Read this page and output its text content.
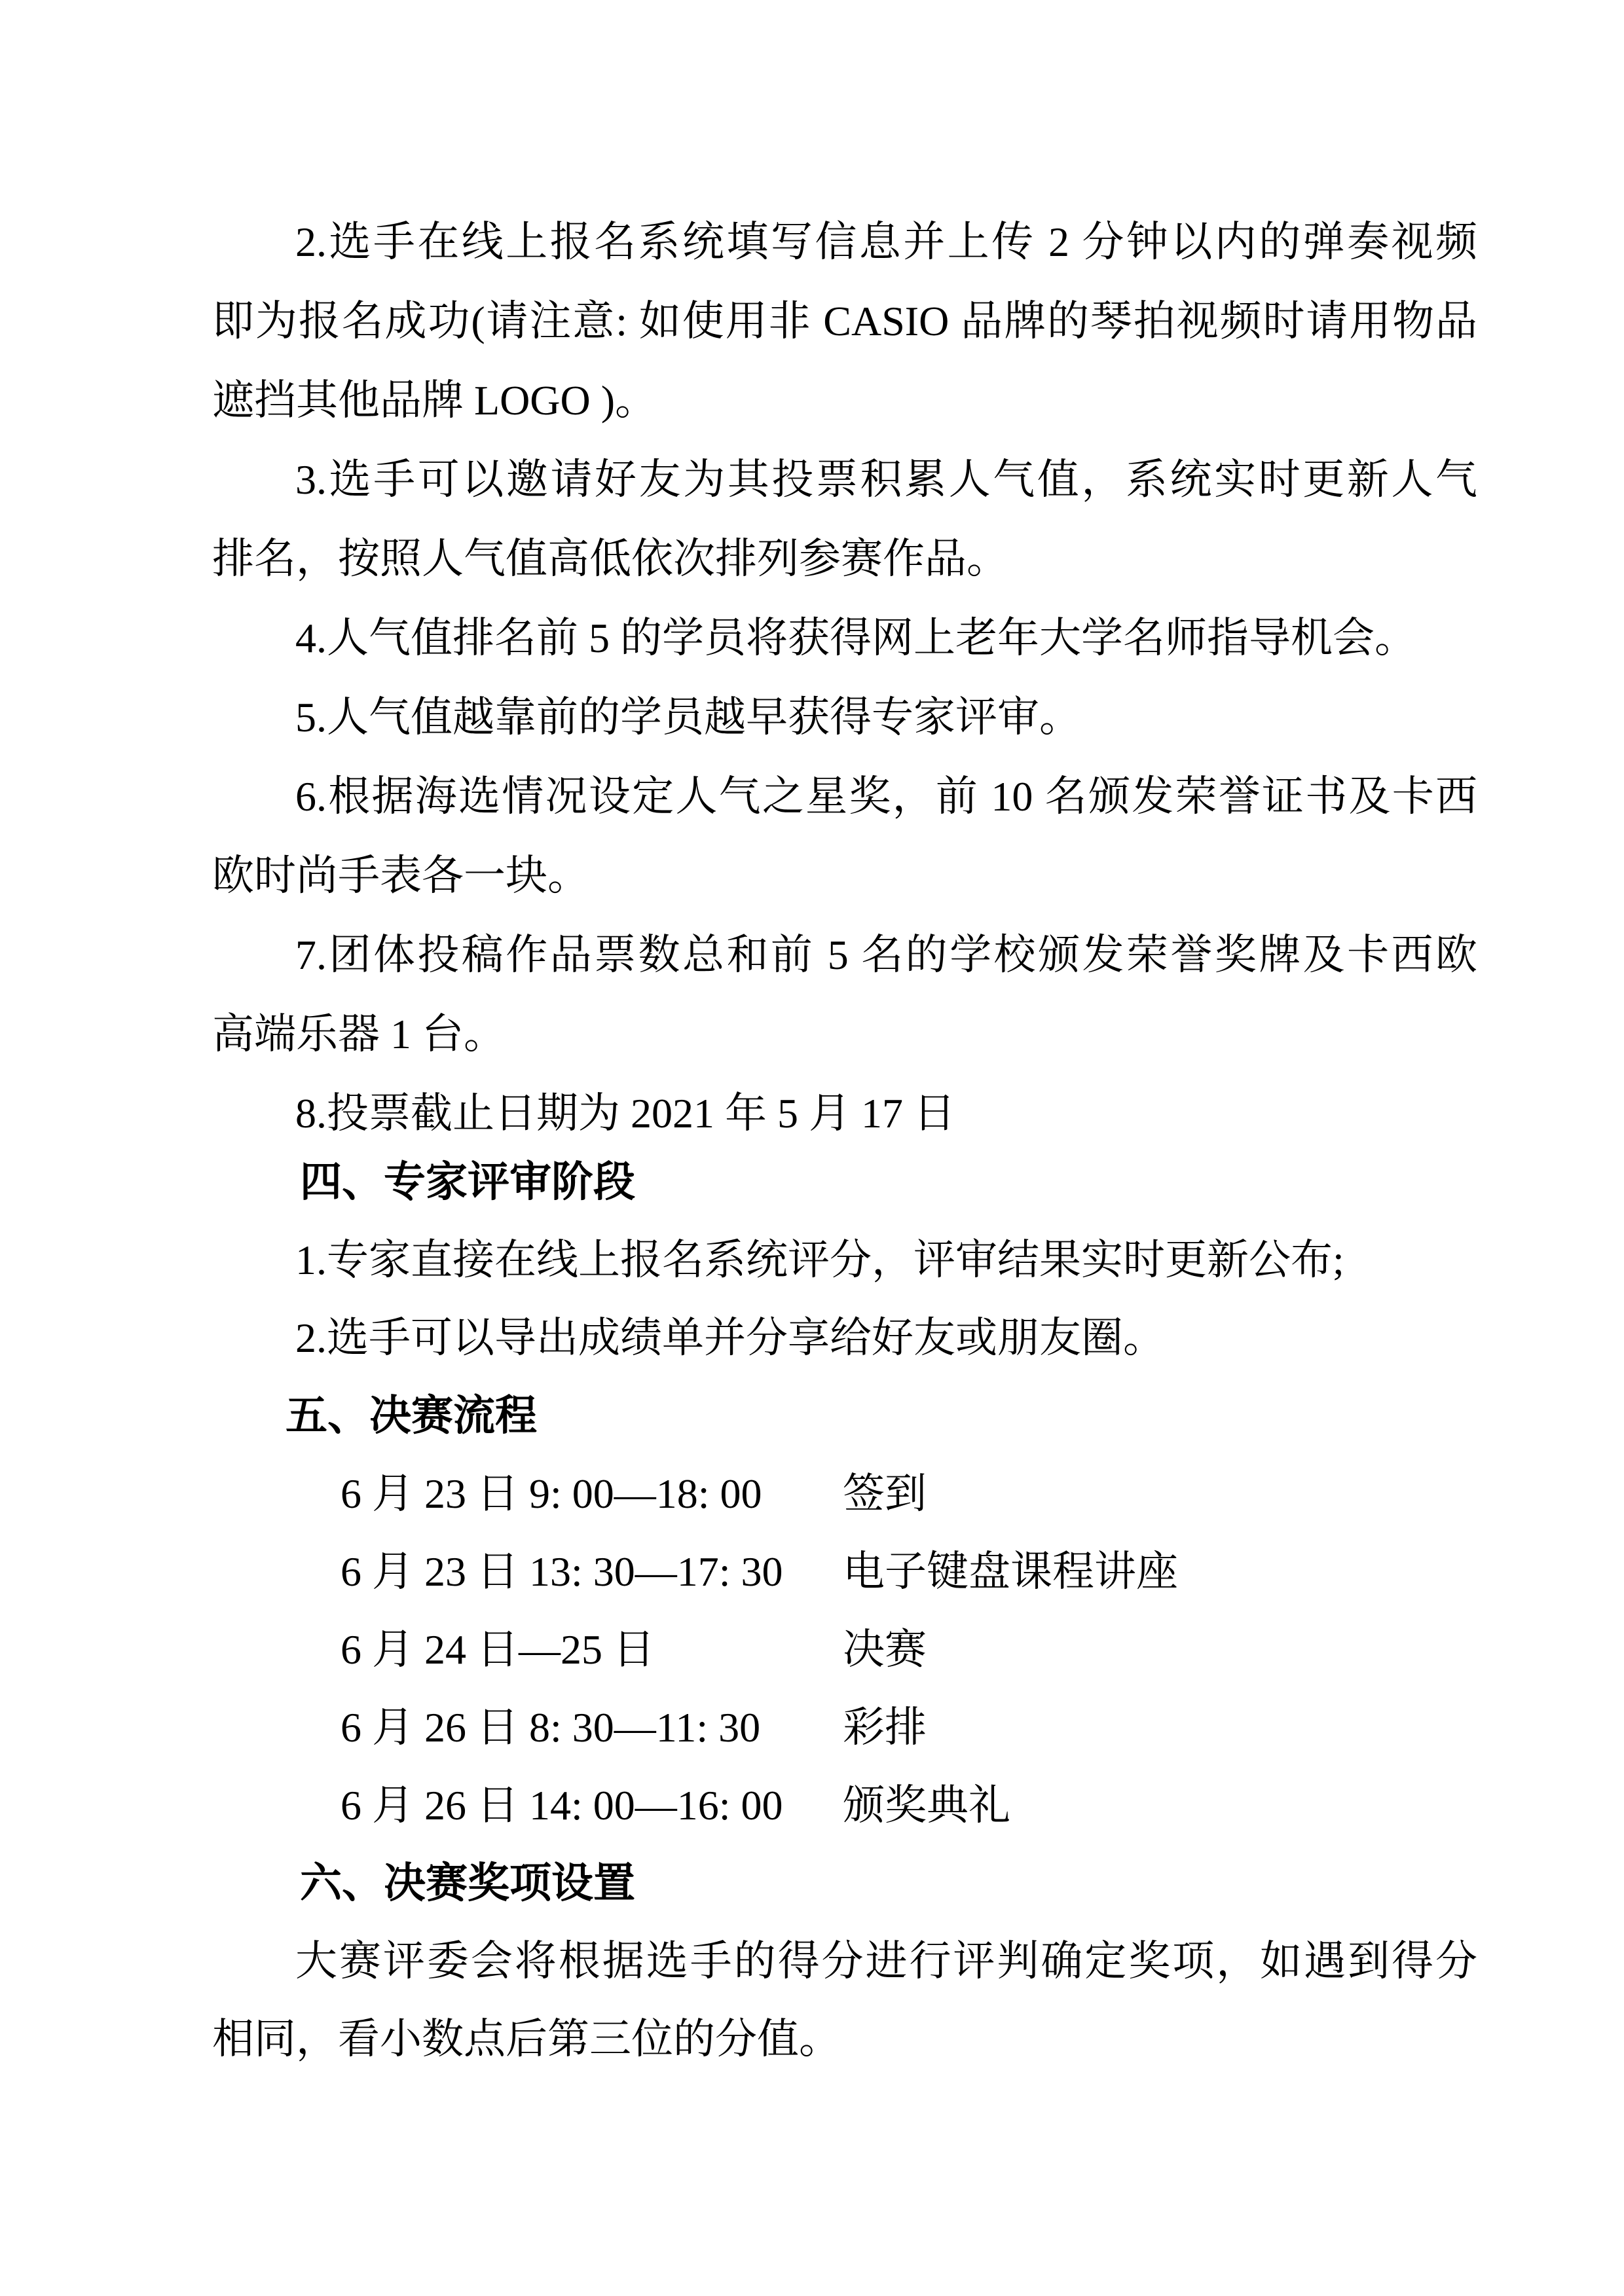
2.选手在线上报名系统填写信息并上传 2 分钟以内的弹奏视频
即为报名成功(请注意: 如使用非 CASIO 品牌的琴拍视频时请用物品
遮挡其他品牌 LOGO )。
3.选手可以邀请好友为其投票积累人气值，系统实时更新人气
排名，按照人气值高低依次排列参赛作品。
4.人气值排名前 5 的学员将获得网上老年大学名师指导机会。
5.人气值越靠前的学员越早获得专家评审。
6.根据海选情况设定人气之星奖，前 10 名颁发荣誉证书及卡西
欧时尚手表各一块。
7.团体投稿作品票数总和前 5 名的学校颁发荣誉奖牌及卡西欧
高端乐器 1 台。
8.投票截止日期为 2021 年 5 月 17 日
四、专家评审阶段
1.专家直接在线上报名系统评分，评审结果实时更新公布;
2.选手可以导出成绩单并分享给好友或朋友圈。
五、决赛流程
6 月 23 日 9: 00—18: 00 签到
6 月 23 日 13: 30—17: 30 电子键盘课程讲座
6 月 24 日—25 日	决赛
6 月 26 日 8: 30—11: 30 彩排
6 月 26 日 14: 00—16: 00 颁奖典礼
六、决赛奖项设置
大赛评委会将根据选手的得分进行评判确定奖项，如遇到得分
相同，看小数点后第三位的分值。
